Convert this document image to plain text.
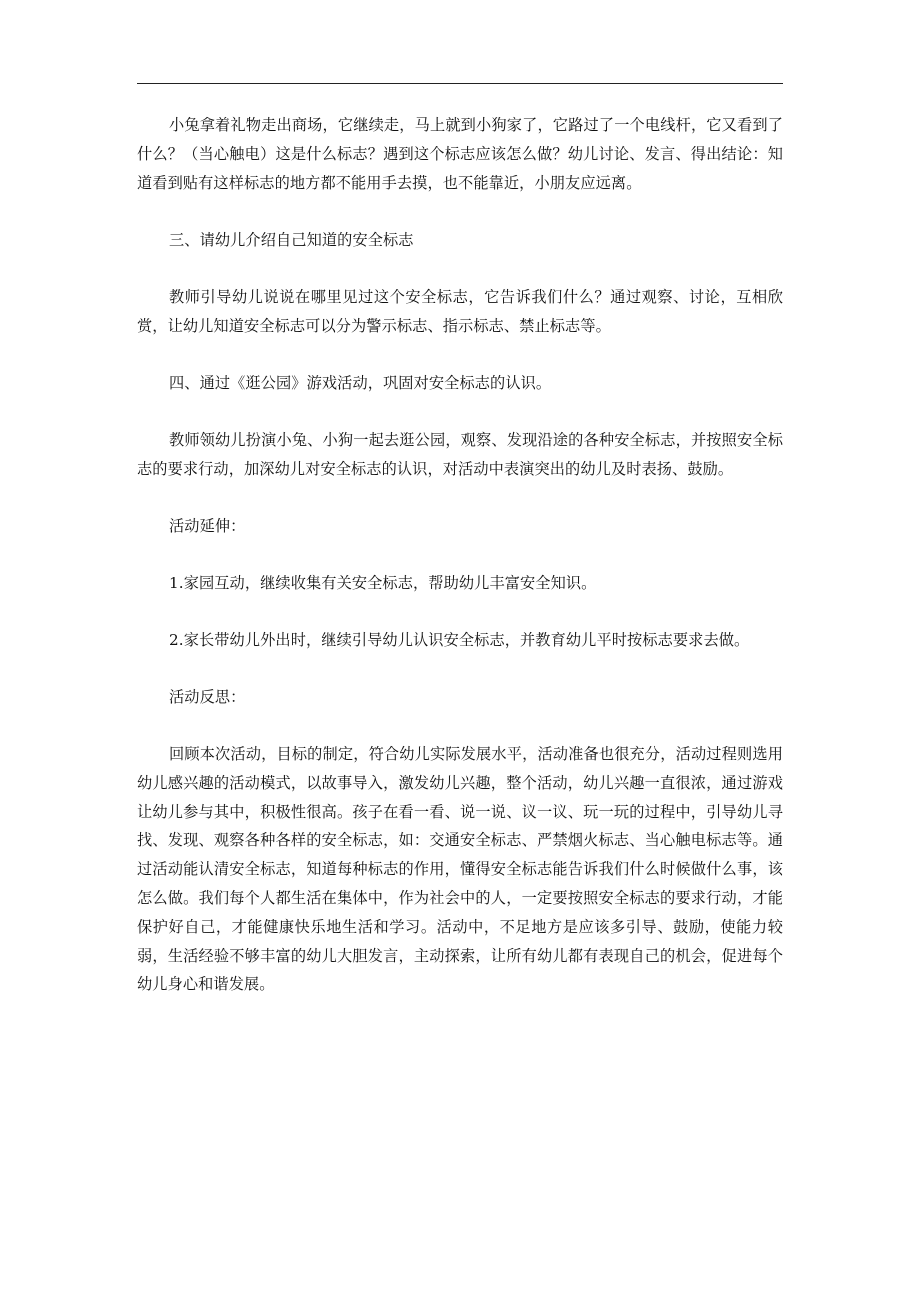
小兔拿着礼物走出商场，它继续走，马上就到小狗家了，它路过了一个电线杆，它又看到了什么？（当心触电）这是什么标志？遇到这个标志应该怎么做？幼儿讨论、发言、得出结论：知道看到贴有这样标志的地方都不能用手去摸，也不能靠近，小朋友应远离。

三、请幼儿介绍自己知道的安全标志

教师引导幼儿说说在哪里见过这个安全标志，它告诉我们什么？通过观察、讨论，互相欣赏，让幼儿知道安全标志可以分为警示标志、指示标志、禁止标志等。

四、通过《逛公园》游戏活动，巩固对安全标志的认识。

教师领幼儿扮演小兔、小狗一起去逛公园，观察、发现沿途的各种安全标志，并按照安全标志的要求行动，加深幼儿对安全标志的认识，对活动中表演突出的幼儿及时表扬、鼓励。

活动延伸：

1.家园互动，继续收集有关安全标志，帮助幼儿丰富安全知识。

2.家长带幼儿外出时，继续引导幼儿认识安全标志，并教育幼儿平时按标志要求去做。

活动反思：

回顾本次活动，目标的制定，符合幼儿实际发展水平，活动准备也很充分，活动过程则选用幼儿感兴趣的活动模式，以故事导入，激发幼儿兴趣，整个活动，幼儿兴趣一直很浓，通过游戏让幼儿参与其中，积极性很高。孩子在看一看、说一说、议一议、玩一玩的过程中，引导幼儿寻找、发现、观察各种各样的安全标志，如：交通安全标志、严禁烟火标志、当心触电标志等。通过活动能认清安全标志，知道每种标志的作用，懂得安全标志能告诉我们什么时候做什么事，该怎么做。我们每个人都生活在集体中，作为社会中的人，一定要按照安全标志的要求行动，才能保护好自己，才能健康快乐地生活和学习。活动中，不足地方是应该多引导、鼓励，使能力较弱，生活经验不够丰富的幼儿大胆发言，主动探索，让所有幼儿都有表现自己的机会，促进每个幼儿身心和谐发展。
